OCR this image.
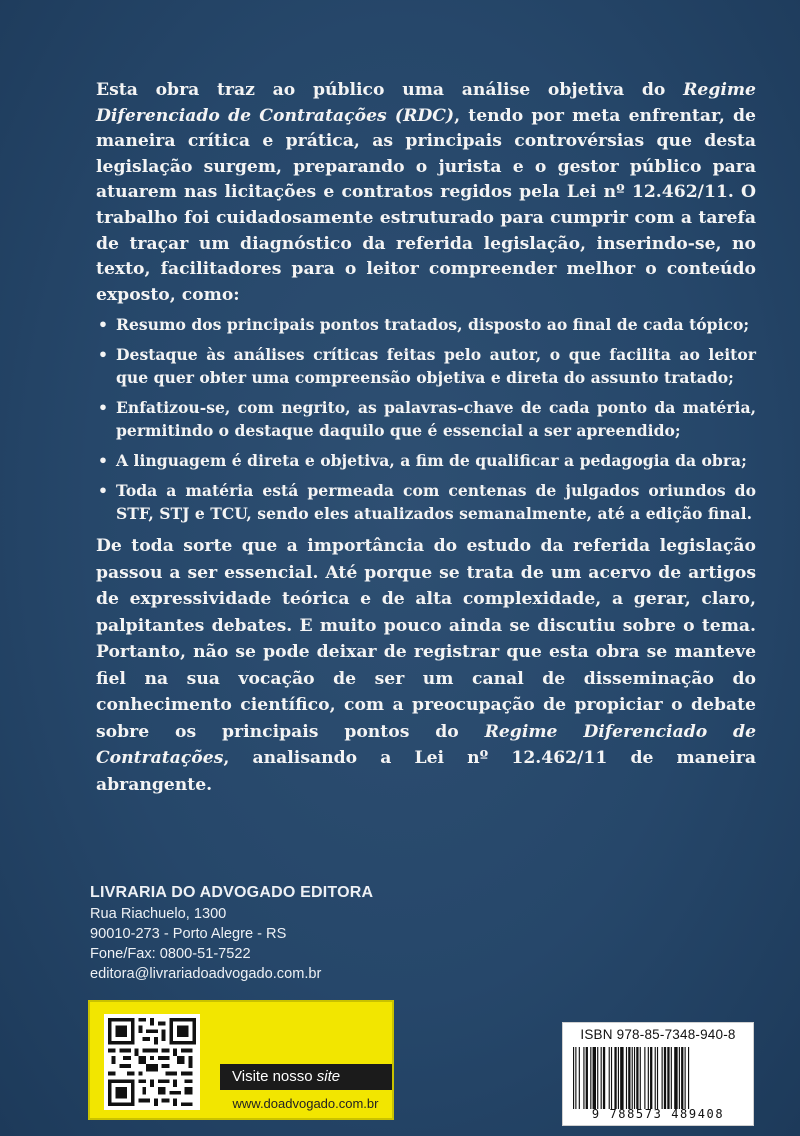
Esta obra traz ao público uma análise objetiva do Regime Diferenciado de Contratações (RDC), tendo por meta enfrentar, de maneira crítica e prática, as principais controvérsias que desta legislação surgem, preparando o jurista e o gestor público para atuarem nas licitações e contratos regidos pela Lei nº 12.462/11. O trabalho foi cuidadosamente estruturado para cumprir com a tarefa de traçar um diagnóstico da referida legislação, inserindo-se, no texto, facilitadores para o leitor compreender melhor o conteúdo exposto, como:

• Resumo dos principais pontos tratados, disposto ao final de cada tópico;
• Destaque às análises críticas feitas pelo autor, o que facilita ao leitor que quer obter uma compreensão objetiva e direta do assunto tratado;
• Enfatizou-se, com negrito, as palavras-chave de cada ponto da matéria, permitindo o destaque daquilo que é essencial a ser apreendido;
• A linguagem é direta e objetiva, a fim de qualificar a pedagogia da obra;
• Toda a matéria está permeada com centenas de julgados oriundos do STF, STJ e TCU, sendo eles atualizados semanalmente, até a edição final.

De toda sorte que a importância do estudo da referida legislação passou a ser essencial. Até porque se trata de um acervo de artigos de expressividade teórica e de alta complexidade, a gerar, claro, palpitantes debates. E muito pouco ainda se discutiu sobre o tema. Portanto, não se pode deixar de registrar que esta obra se manteve fiel na sua vocação de ser um canal de disseminação do conhecimento científico, com a preocupação de propiciar o debate sobre os principais pontos do Regime Diferenciado de Contratações, analisando a Lei nº 12.462/11 de maneira abrangente.

LIVRARIA DO ADVOGADO EDITORA
Rua Riachuelo, 1300
90010-273 - Porto Alegre - RS
Fone/Fax: 0800-51-7522
editora@livrariadoadvogado.com.br
Visite nosso site
www.doadvogado.com.br
ISBN 978-85-7348-940-8
9 788573 489408
